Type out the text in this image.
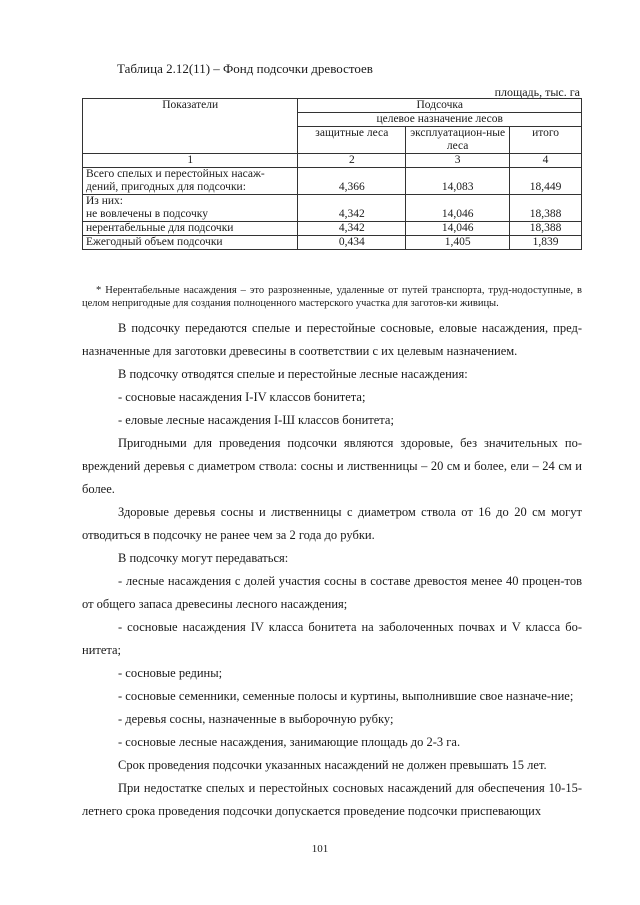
Таблица 2.12(11) – Фонд подсочки древостоев
площадь, тыс. га
Показатели	Подсочка		
	целевое назначение лесов		
	защитные леса	эксплуатацион-ные леса	итого
1	2	3	4
Всего спелых и перестойных насаж-дений, пригодных для подсочки:	4,366	14,083	18,449
Из них:
не вовлечены в подсочку	4,342	14,046	18,388
нерентабельные для подсочки	4,342	14,046	18,388
Ежегодный объем подсочки	0,434	1,405	1,839
* Нерентабельные насаждения – это разрозненные, удаленные от путей транспорта, труд-нодоступные, в целом непригодные для создания полноценного мастерского участка для заготов-ки живицы.

В подсочку передаются спелые и перестойные сосновые, еловые насаждения, пред-назначенные для заготовки древесины в соответствии с их целевым назначением.

В подсочку отводятся спелые и перестойные лесные насаждения:

- сосновые насаждения I-IV классов бонитета;

- еловые лесные насаждения I-Ш классов бонитета;

Пригодными для проведения подсочки являются здоровые, без значительных по-вреждений деревья с диаметром ствола: сосны и лиственницы – 20 см и более, ели – 24 см и более.

Здоровые деревья сосны и лиственницы с диаметром ствола от 16 до 20 см могут отводиться в подсочку не ранее чем за 2 года до рубки.

В подсочку могут передаваться:

- лесные насаждения с долей участия сосны в составе древостоя менее 40 процен-тов от общего запаса древесины лесного насаждения;

- сосновые насаждения IV класса бонитета на заболоченных почвах и V класса бо-нитета;

- сосновые редины;

- сосновые семенники, семенные полосы и куртины, выполнившие свое назначе-ние;

- деревья сосны, назначенные в выборочную рубку;

- сосновые лесные насаждения, занимающие площадь до 2-3 га.

Срок проведения подсочки указанных насаждений не должен превышать 15 лет.

При недостатке спелых и перестойных сосновых насаждений для обеспечения 10-15-летнего срока проведения подсочки допускается проведение подсочки приспевающих

101
